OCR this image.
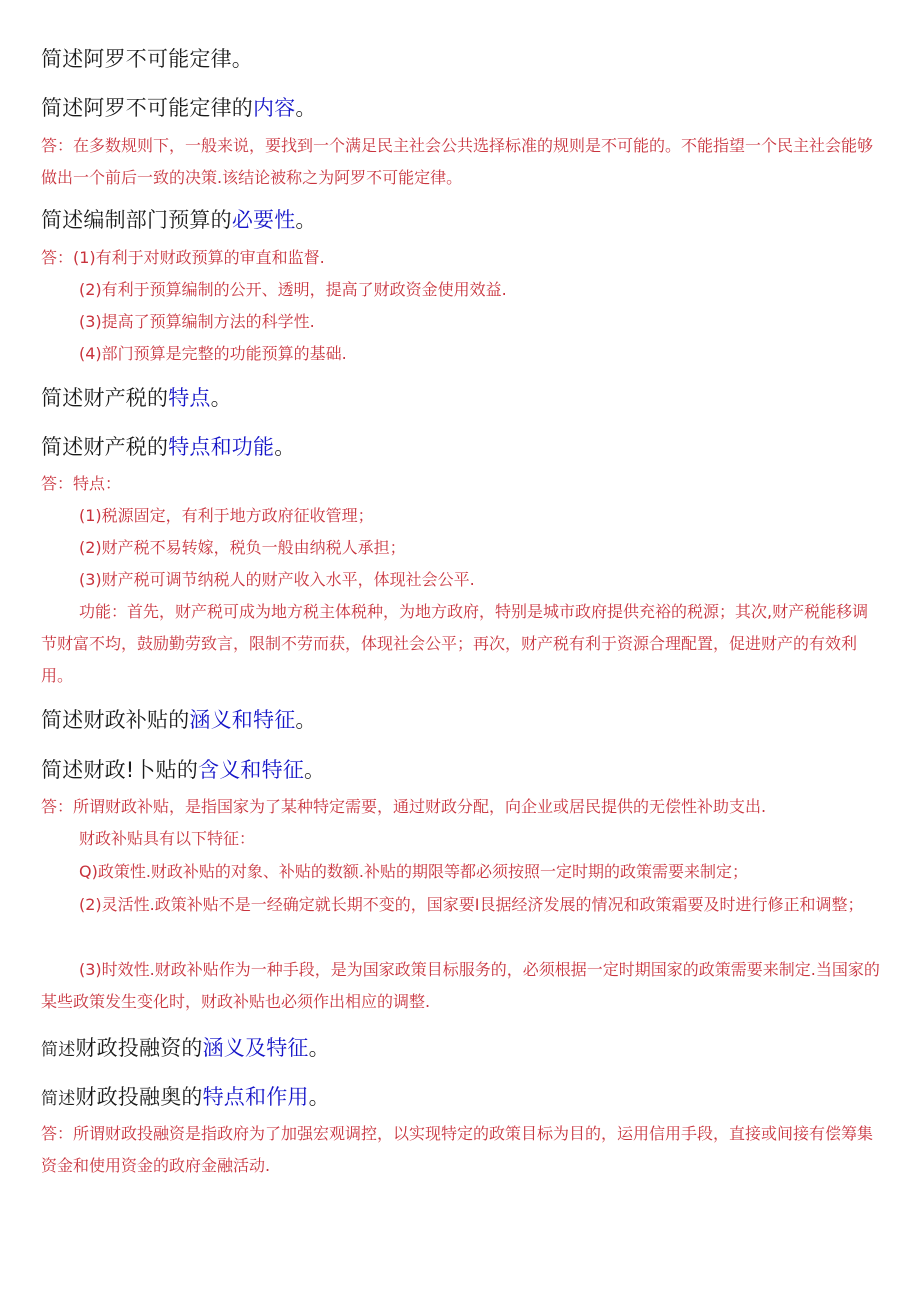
简述阿罗不可能定律。
简述阿罗不可能定律的内容。
答：在多数规则下，一般来说，要找到一个满足民主社会公共选择标准的规则是不可能的。不能指望一个民主社会能够做出一个前后一致的决策.该结论被称之为阿罗不可能定律。
简述编制部门预算的必要性。
答：(1)有利于对财政预算的审直和监督.
(2)有利于预算编制的公开、透明，提高了财政资金使用效益.
(3)提高了预算编制方法的科学性.
(4)部门预算是完整的功能预算的基础.
简述财产税的特点。
简述财产税的特点和功能。
答：特点：
(1)税源固定，有利于地方政府征收管理；
(2)财产税不易转嫁，税负一般由纳税人承担；
(3)财产税可调节纳税人的财产收入水平，体现社会公平.
功能：首先，财产税可成为地方税主体税种，为地方政府，特别是城市政府提供充裕的税源；其次,财产税能移调节财富不均，鼓励勤劳致言，限制不劳而获，体现社会公平；再次，财产税有利于资源合理配置，促进财产的有效利用。
简述财政补贴的涵义和特征。
简述财政!卜贴的含义和特征。
答：所谓财政补贴，是指国家为了某种特定需要，通过财政分配，向企业或居民提供的无偿性补助支出.
财政补贴具有以下特征：
Q)政策性.财政补贴的对象、补贴的数额.补贴的期限等都必须按照一定时期的政策需要来制定；
(2)灵活性.政策补贴不是一经确定就长期不变的，国家要I艮据经济发展的情况和政策霜要及时进行修正和调整；
(3)时效性.财政补贴作为一种手段，是为国家政策目标服务的，必须根据一定时期国家的政策需要来制定.当国家的某些政策发生变化时，财政补贴也必须作出相应的调整.
简述财政投融资的涵义及特征。
简述财政投融奥的特点和作用。
答：所谓财政投融资是指政府为了加强宏观调控，以实现特定的政策目标为目的，运用信用手段，直接或间接有偿筹集资金和使用资金的政府金融活动.
